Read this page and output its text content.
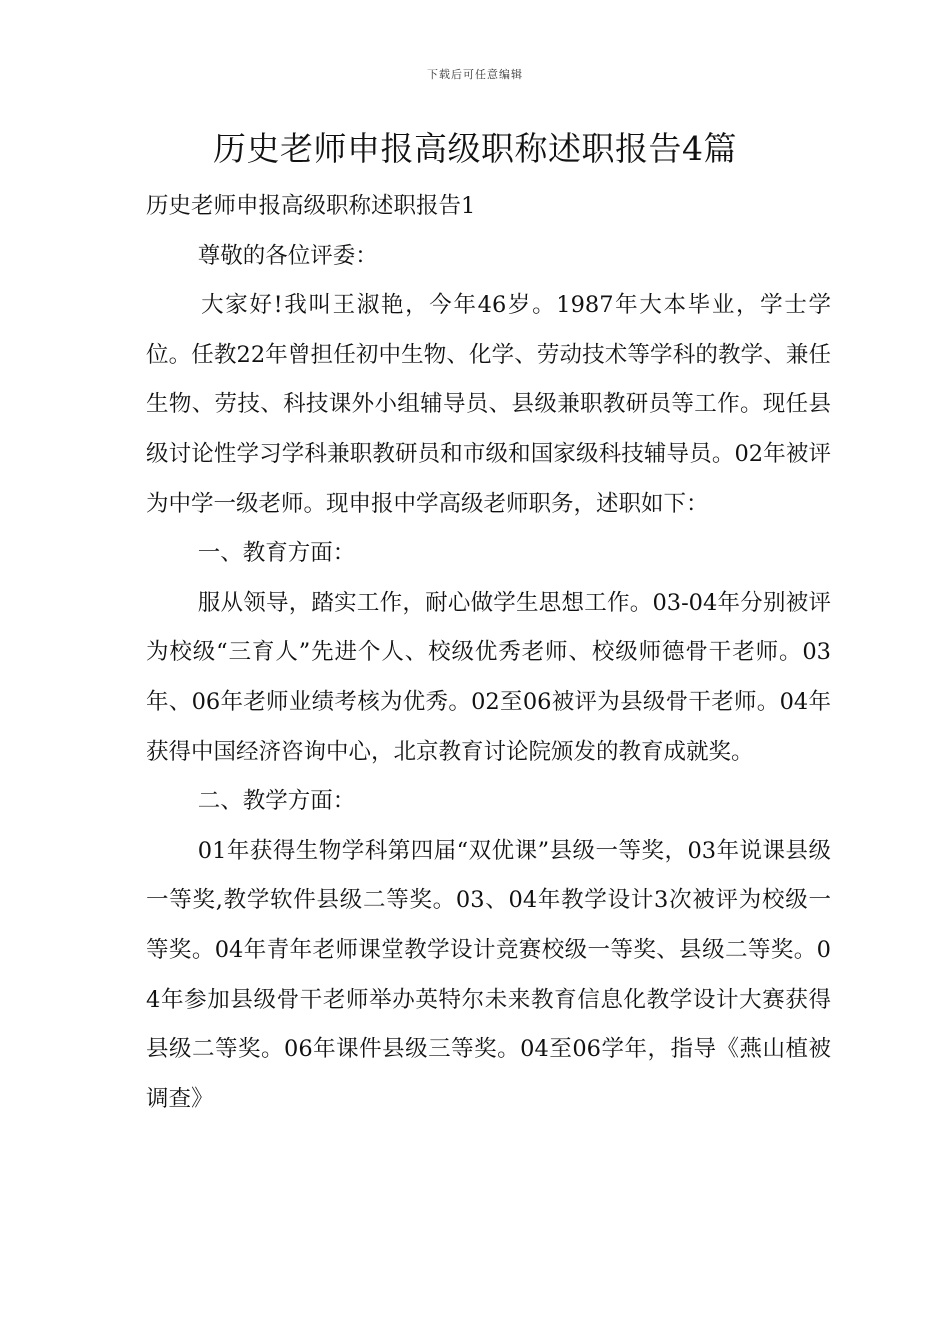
下载后可任意编辑
历史老师申报高级职称述职报告4篇

历史老师申报高级职称述职报告1

尊敬的各位评委：

大家好!我叫王淑艳，今年46岁。1987年大本毕业，学士学位。任教22年曾担任初中生物、化学、劳动技术等学科的教学、兼任生物、劳技、科技课外小组辅导员、县级兼职教研员等工作。现任县级讨论性学习学科兼职教研员和市级和国家级科技辅导员。02年被评为中学一级老师。现申报中学高级老师职务，述职如下：

一、教育方面：

服从领导，踏实工作，耐心做学生思想工作。03-04年分别被评为校级“三育人”先进个人、校级优秀老师、校级师德骨干老师。03年、06年老师业绩考核为优秀。02至06被评为县级骨干老师。04年获得中国经济咨询中心，北京教育讨论院颁发的教育成就奖。

二、教学方面：

01年获得生物学科第四届“双优课”县级一等奖，03年说课县级一等奖,教学软件县级二等奖。03、04年教学设计3次被评为校级一等奖。04年青年老师课堂教学设计竞赛校级一等奖、县级二等奖。04年参加县级骨干老师举办英特尔未来教育信息化教学设计大赛获得县级二等奖。06年课件县级三等奖。04至06学年，指导《燕山植被调查》
